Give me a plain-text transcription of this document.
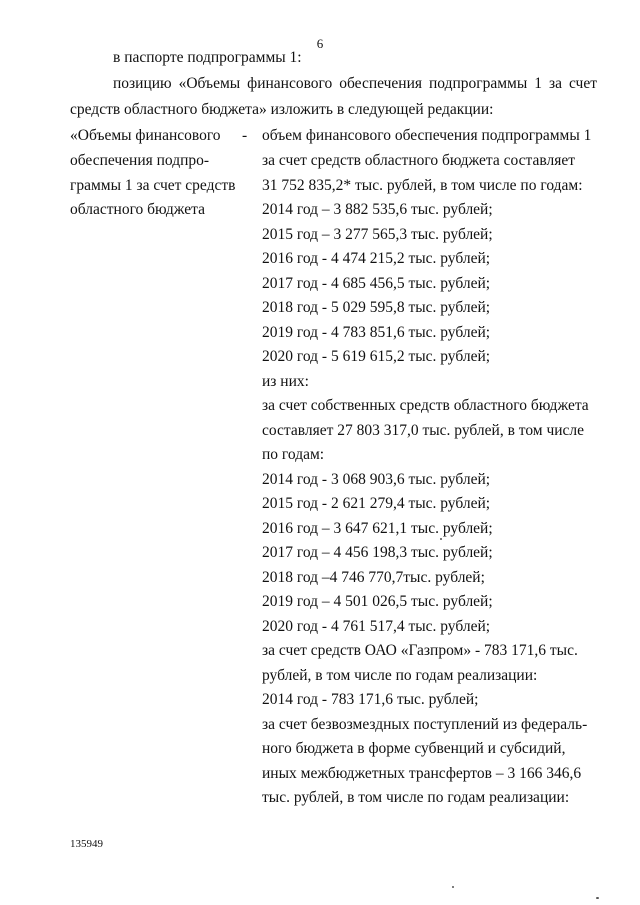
6
в паспорте подпрограммы 1:
позицию «Объемы финансового обеспечения подпрограммы 1 за счет
средств областного бюджета» изложить в следующей редакции:
«Объемы финансового
обеспечения подпро-
граммы 1 за счет средств
областного бюджета
- объем финансового обеспечения подпрограммы 1
за счет средств областного бюджета составляет
31 752 835,2* тыс. рублей, в том числе по годам:
2014 год – 3 882 535,6 тыс. рублей;
2015 год – 3 277 565,3 тыс. рублей;
2016 год - 4 474 215,2 тыс. рублей;
2017 год - 4 685 456,5 тыс. рублей;
2018 год - 5 029 595,8 тыс. рублей;
2019 год - 4 783 851,6 тыс. рублей;
2020 год - 5 619 615,2 тыс. рублей;
из них:
за счет собственных средств областного бюджета
составляет 27 803 317,0 тыс. рублей, в том числе
по годам:
2014 год - 3 068 903,6 тыс. рублей;
2015 год - 2 621 279,4 тыс. рублей;
2016 год – 3 647 621,1 тыс. рублей;
2017 год – 4 456 198,3 тыс. рублей;
2018 год –4 746 770,7тыс. рублей;
2019 год – 4 501 026,5 тыс. рублей;
2020 год - 4 761 517,4 тыс. рублей;
за счет средств ОАО «Газпром» - 783 171,6 тыс.
рублей, в том числе по годам реализации:
2014 год - 783 171,6 тыс. рублей;
за счет безвозмездных поступлений из федераль-
ного бюджета в форме субвенций и субсидий,
иных межбюджетных трансфертов – 3 166 346,6
тыс. рублей, в том числе по годам реализации:
135949
